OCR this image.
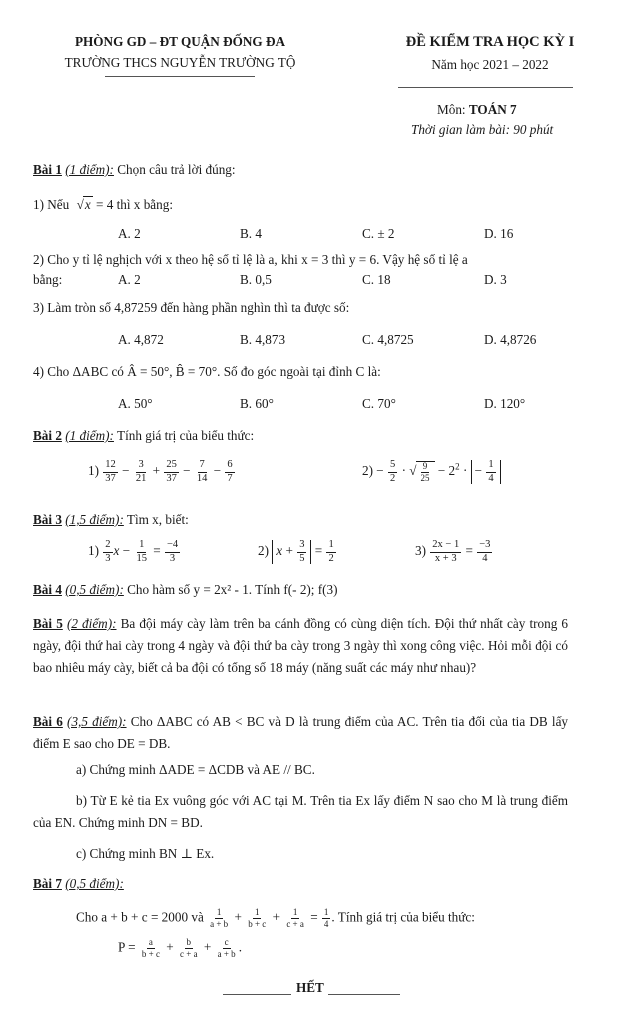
PHÒNG GD – ĐT QUẬN ĐỐNG ĐA
TRƯỜNG THCS NGUYỄN TRƯỜNG TỘ
ĐỀ KIỂM TRA HỌC KỲ I
Năm học 2021 – 2022
Môn: TOÁN 7
Thời gian làm bài: 90 phút
Bài 1 (1 điểm): Chọn câu trả lời đúng:
1) Nếu √x = 4 thì x bằng:
A. 2	B. 4	C. ± 2	D. 16
2) Cho y tỉ lệ nghịch với x theo hệ số tỉ lệ là a, khi x = 3 thì y = 6. Vậy hệ số tỉ lệ a
bằng:	A. 2	B. 0,5	C. 18	D. 3
3) Làm tròn số 4,87259 đến hàng phần nghìn thì ta được số:
A. 4,872	B. 4,873	C. 4,8725	D. 4,8726
4) Cho ΔABC có Â = 50°, B̂ = 70°. Số đo góc ngoài tại đỉnh C là:
A. 50°	B. 60°	C. 70°	D. 120°
Bài 2 (1 điểm): Tính giá trị của biểu thức:
$1) \frac{12}{37} - \frac{3}{21} + \frac{25}{37} - \frac{7}{14} - \frac{6}{7}$	$2) - \frac{5}{2}$ · √ $\frac{9}{25} - 2^2$ · − $\frac{1}{4}$
Bài 3 (1,5 điểm): Tìm x, biết:
$1) \frac{2}{3}$ $x - \frac{1}{15} = \frac{-4}{3}$	2) $x + \frac{3}{5} = \frac{1}{2}$	$3) \frac{2x - 1}{x + 3} = \frac{-3}{4}$
Bài 4 (0,5 điểm): Cho hàm số y = 2x² - 1. Tính f(- 2); f(3)
Bài 5 (2 điểm): Ba đội máy cày làm trên ba cánh đồng có cùng diện tích. Đội thứ nhất cày trong 6 ngày, đội thứ hai cày trong 4 ngày và đội thứ ba cày trong 3 ngày thì xong công việc. Hỏi mỗi đội có bao nhiêu máy cày, biết cả ba đội có tổng số 18 máy (năng suất các máy như nhau)?
Bài 6 (3,5 điểm): Cho ΔABC có AB < BC và D là trung điểm của AC. Trên tia đối của tia DB lấy điểm E sao cho DE = DB.
a) Chứng minh ΔADE = ΔCDB và AE // BC.
b) Từ E kẻ tia Ex vuông góc với AC tại M. Trên tia Ex lấy điểm N sao cho M là trung điểm của EN. Chứng minh DN = BD.
c) Chứng minh BN ⊥ Ex.
Bài 7 (0,5 điểm):
Cho a + b + c = 2000 và $\frac{1}{a + b} + \frac{1}{b + c} + \frac{1}{c + a} = \frac{1}{4}$ . Tính giá trị của biểu thức:
$P = \frac{a}{b + c} + \frac{b}{c + a} + \frac{c}{a + b}$ .
HẾT
